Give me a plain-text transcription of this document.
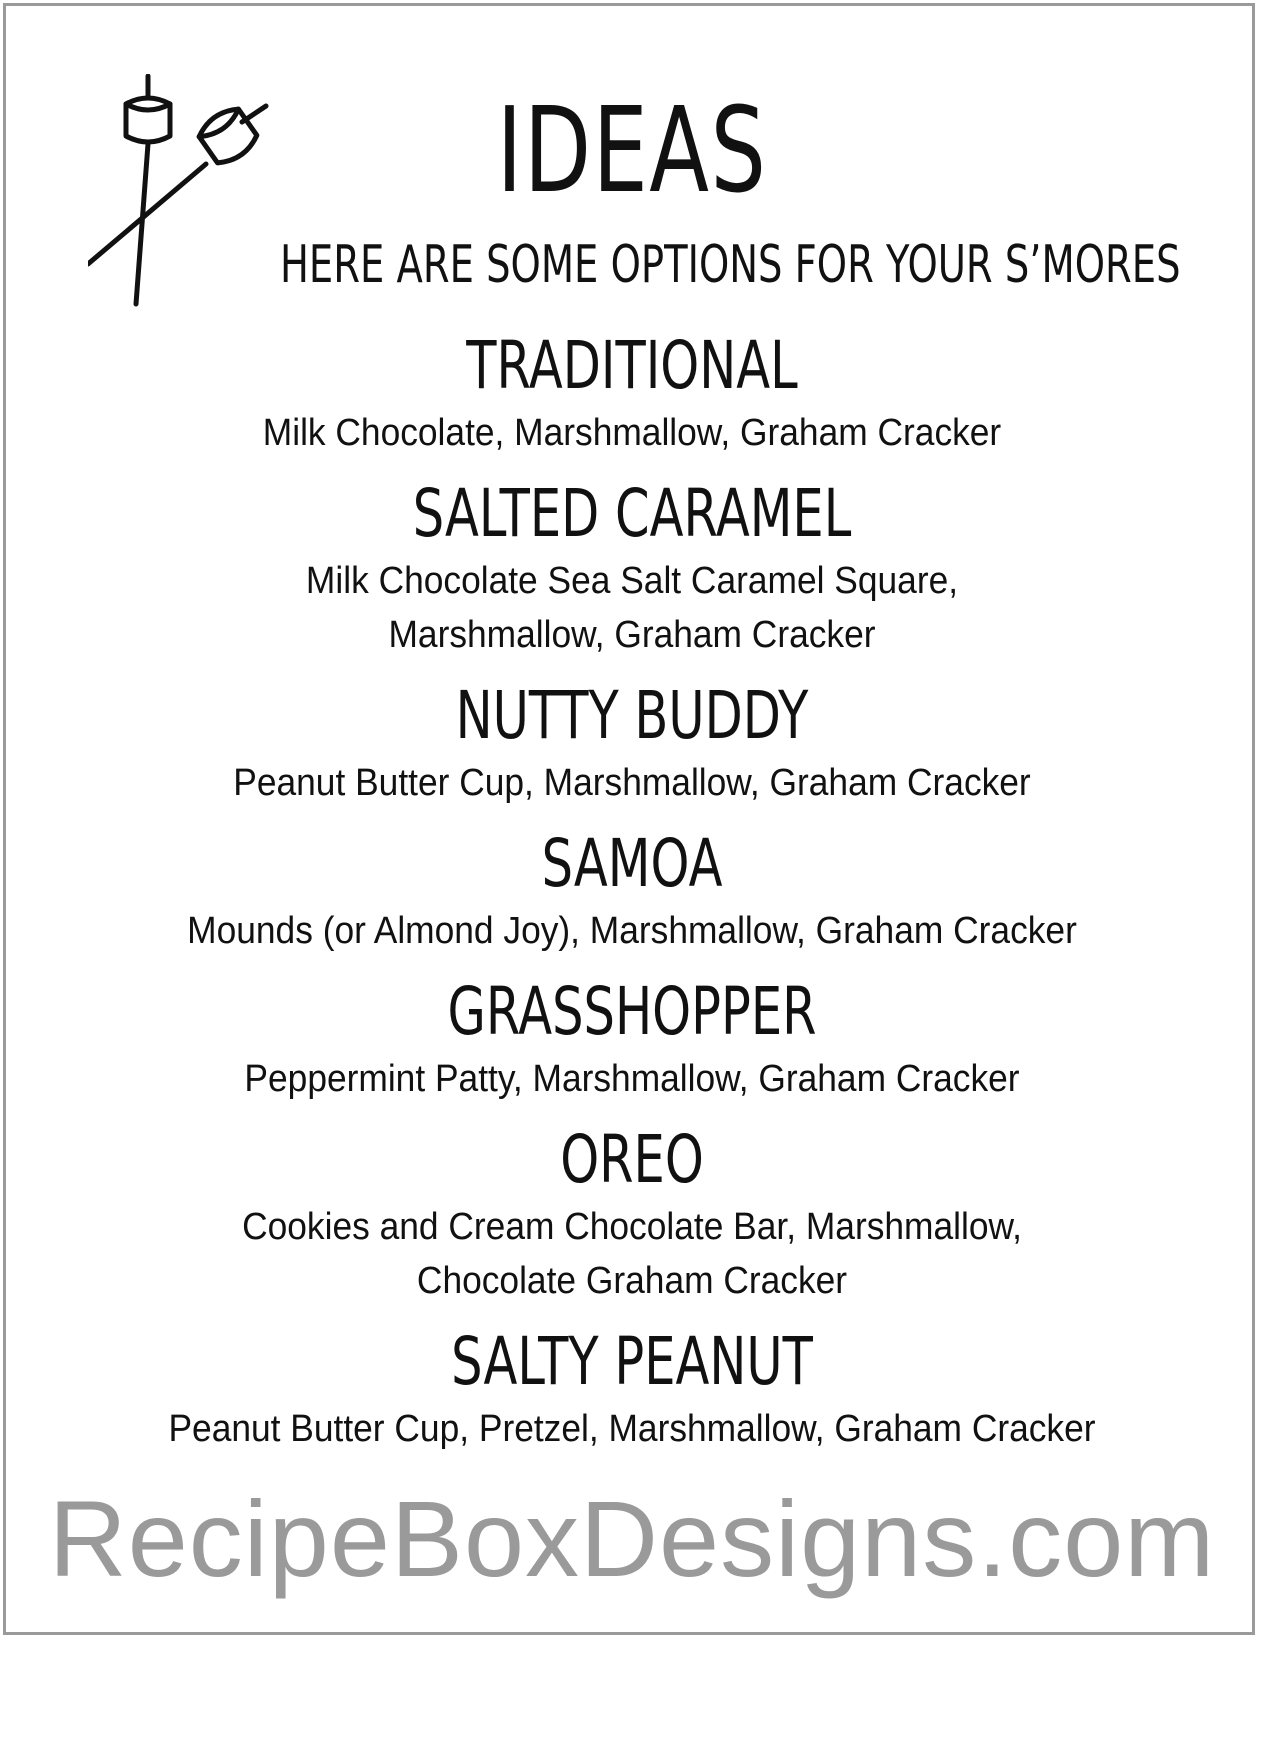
IDEAS
HERE ARE SOME OPTIONS FOR YOUR S’MORES
TRADITIONAL
Milk Chocolate, Marshmallow, Graham Cracker
SALTED CARAMEL
Milk Chocolate Sea Salt Caramel Square,
Marshmallow, Graham Cracker
NUTTY BUDDY
Peanut Butter Cup, Marshmallow, Graham Cracker
SAMOA
Mounds (or Almond Joy), Marshmallow, Graham Cracker
GRASSHOPPER
Peppermint Patty, Marshmallow, Graham Cracker
OREO
Cookies and Cream Chocolate Bar, Marshmallow,
Chocolate Graham Cracker
SALTY PEANUT
Peanut Butter Cup, Pretzel, Marshmallow, Graham Cracker
RecipeBoxDesigns.com
